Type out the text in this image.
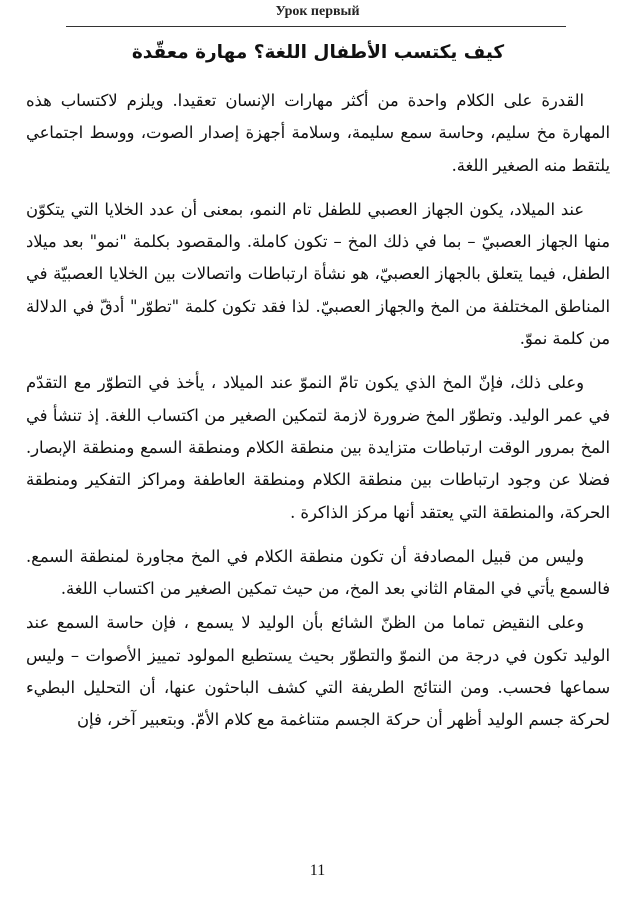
Урок первый
كيف يكتسب الأطفال اللغة؟ مهارة معقّدة

القدرة على الكلام واحدة من أكثر مهارات الإنسان تعقيدا. ويلزم لاكتساب هذه المهارة مخ سليم، وحاسة سمع سليمة، وسلامة أجهزة إصدار الصوت، ووسط اجتماعي يلتقط منه الصغير اللغة.

عند الميلاد، يكون الجهاز العصبي للطفل تام النمو، بمعنى أن عدد الخلايا التي يتكوّن منها الجهاز العصبيّ – بما في ذلك المخ – تكون كاملة. والمقصود بكلمة "نمو" بعد ميلاد الطفل، فيما يتعلق بالجهاز العصبيّ، هو نشأة ارتباطات واتصالات بين الخلايا العصبيّة في المناطق المختلفة من المخ والجهاز العصبيّ. لذا فقد تكون كلمة "تطوّر" أدقّ في الدلالة من كلمة نموّ.

وعلى ذلك، فإنّ المخ الذي يكون تامّ النموّ عند الميلاد ، يأخذ في التطوّر مع التقدّم في عمر الوليد. وتطوّر المخ ضرورة لازمة لتمكين الصغير من اكتساب اللغة. إذ تنشأ في المخ بمرور الوقت ارتباطات متزايدة بين منطقة الكلام ومنطقة السمع ومنطقة الإبصار. فضلا عن وجود ارتباطات بين منطقة الكلام ومنطقة العاطفة ومراكز التفكير ومنطقة الحركة، والمنطقة التي يعتقد أنها مركز الذاكرة .

وليس من قبيل المصادفة أن تكون منطقة الكلام في المخ مجاورة لمنطقة السمع. فالسمع يأتي في المقام الثاني بعد المخ، من حيث تمكين الصغير من اكتساب اللغة.

وعلى النقيض تماما من الظنّ الشائع بأن الوليد لا يسمع ، فإن حاسة السمع عند الوليد تكون في درجة من النموّ والتطوّر بحيث يستطيع المولود تمييز الأصوات – وليس سماعها فحسب. ومن النتائج الطريفة التي كشف الباحثون عنها، أن التحليل البطيء لحركة جسم الوليد أظهر أن حركة الجسم متناغمة مع كلام الأمّ. وبتعبير آخر، فإن

11
